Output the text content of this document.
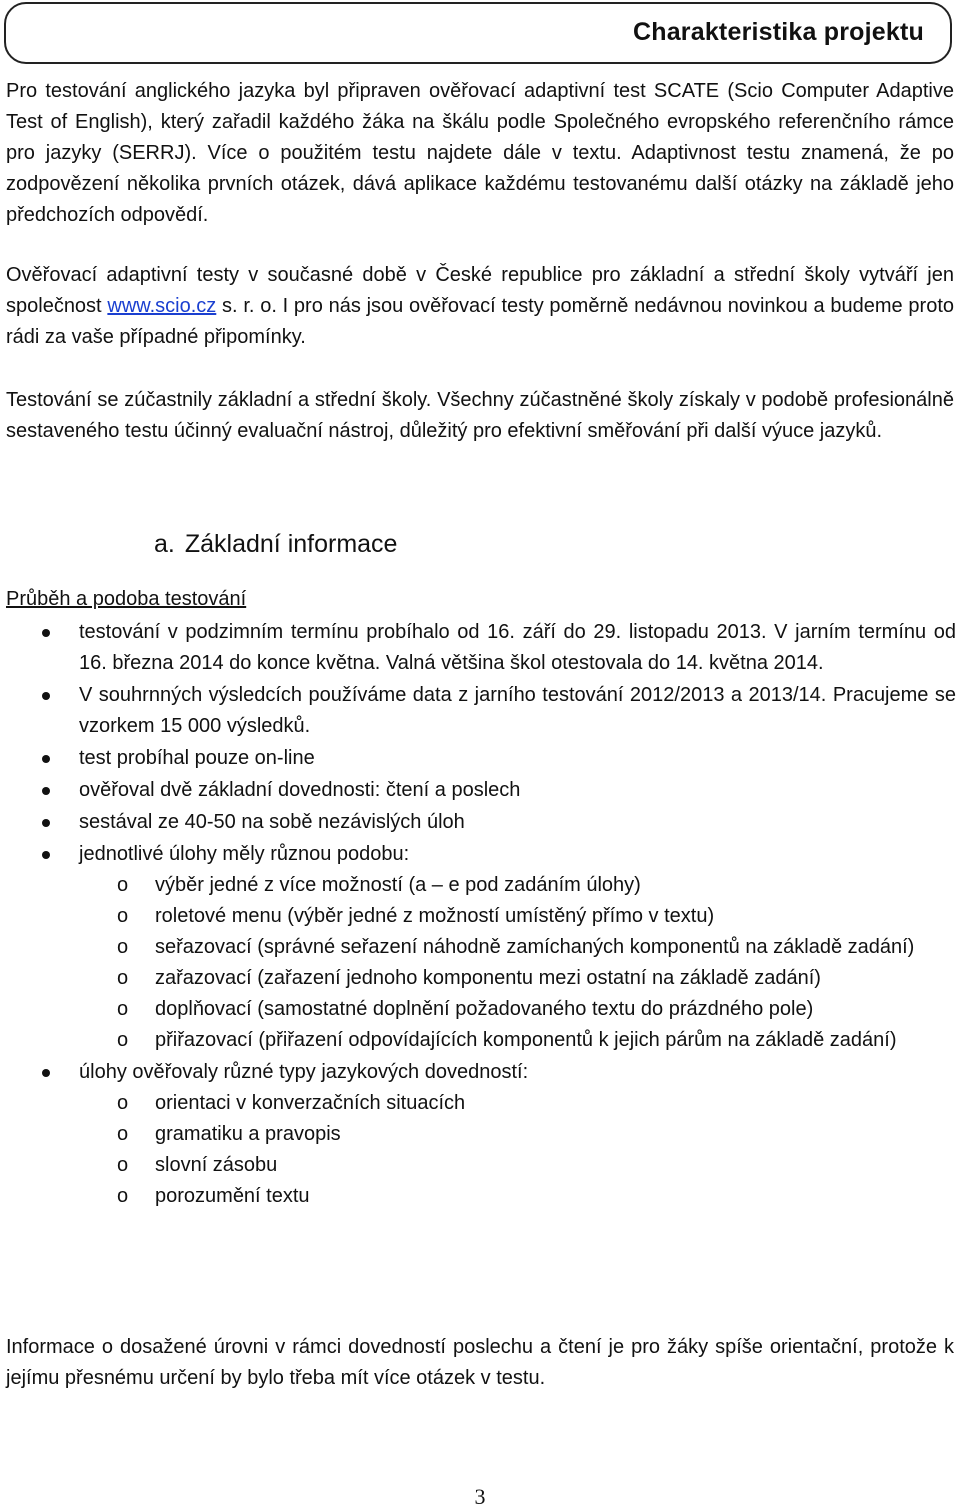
Charakteristika projektu

Pro testování anglického jazyka byl připraven ověřovací adaptivní test SCATE (Scio Computer Adaptive Test of English), který zařadil každého žáka na škálu podle Společného evropského referenčního rámce pro jazyky (SERRJ). Více o použitém testu najdete dále v textu. Adaptivnost testu znamená, že po zodpovězení několika prvních otázek, dává aplikace každému testovanému další otázky na základě jeho předchozích odpovědí.

Ověřovací adaptivní testy v současné době v České republice pro základní a střední školy vytváří jen společnost www.scio.cz s. r. o. I pro nás jsou ověřovací testy poměrně nedávnou novinkou a budeme proto rádi za vaše případné připomínky.

Testování se zúčastnily základní a střední školy. Všechny zúčastněné školy získaly v podobě profesionálně sestaveného testu účinný evaluační nástroj, důležitý pro efektivní směřování při další výuce jazyků.

a. Základní informace
Průběh a podoba testování
testování v podzimním termínu probíhalo od 16. září do 29. listopadu 2013. V jarním termínu od 16. března 2014 do konce května. Valná většina škol otestovala do 14. května 2014.
V souhrnných výsledcích používáme data z jarního testování 2012/2013 a 2013/14. Pracujeme se vzorkem 15 000 výsledků.
test probíhal pouze on-line
ověřoval dvě základní dovednosti: čtení a poslech
sestával ze 40-50 na sobě nezávislých úloh
jednotlivé úlohy měly různou podobu:
o výběr jedné z více možností (a – e pod zadáním úlohy)
o roletové menu (výběr jedné z možností umístěný přímo v textu)
o seřazovací (správné seřazení náhodně zamíchaných komponentů na základě zadání)
o zařazovací (zařazení jednoho komponentu mezi ostatní na základě zadání)
o doplňovací (samostatné doplnění požadovaného textu do prázdného pole)
o přiřazovací (přiřazení odpovídajících komponentů k jejich párům na základě zadání)
úlohy ověřovaly různé typy jazykových dovedností:
o orientaci v konverzačních situacích
o gramatiku a pravopis
o slovní zásobu
o porozumění textu

Informace o dosažené úrovni v rámci dovedností poslechu a čtení je pro žáky spíše orientační, protože k jejímu přesnému určení by bylo třeba mít více otázek v testu.

3
